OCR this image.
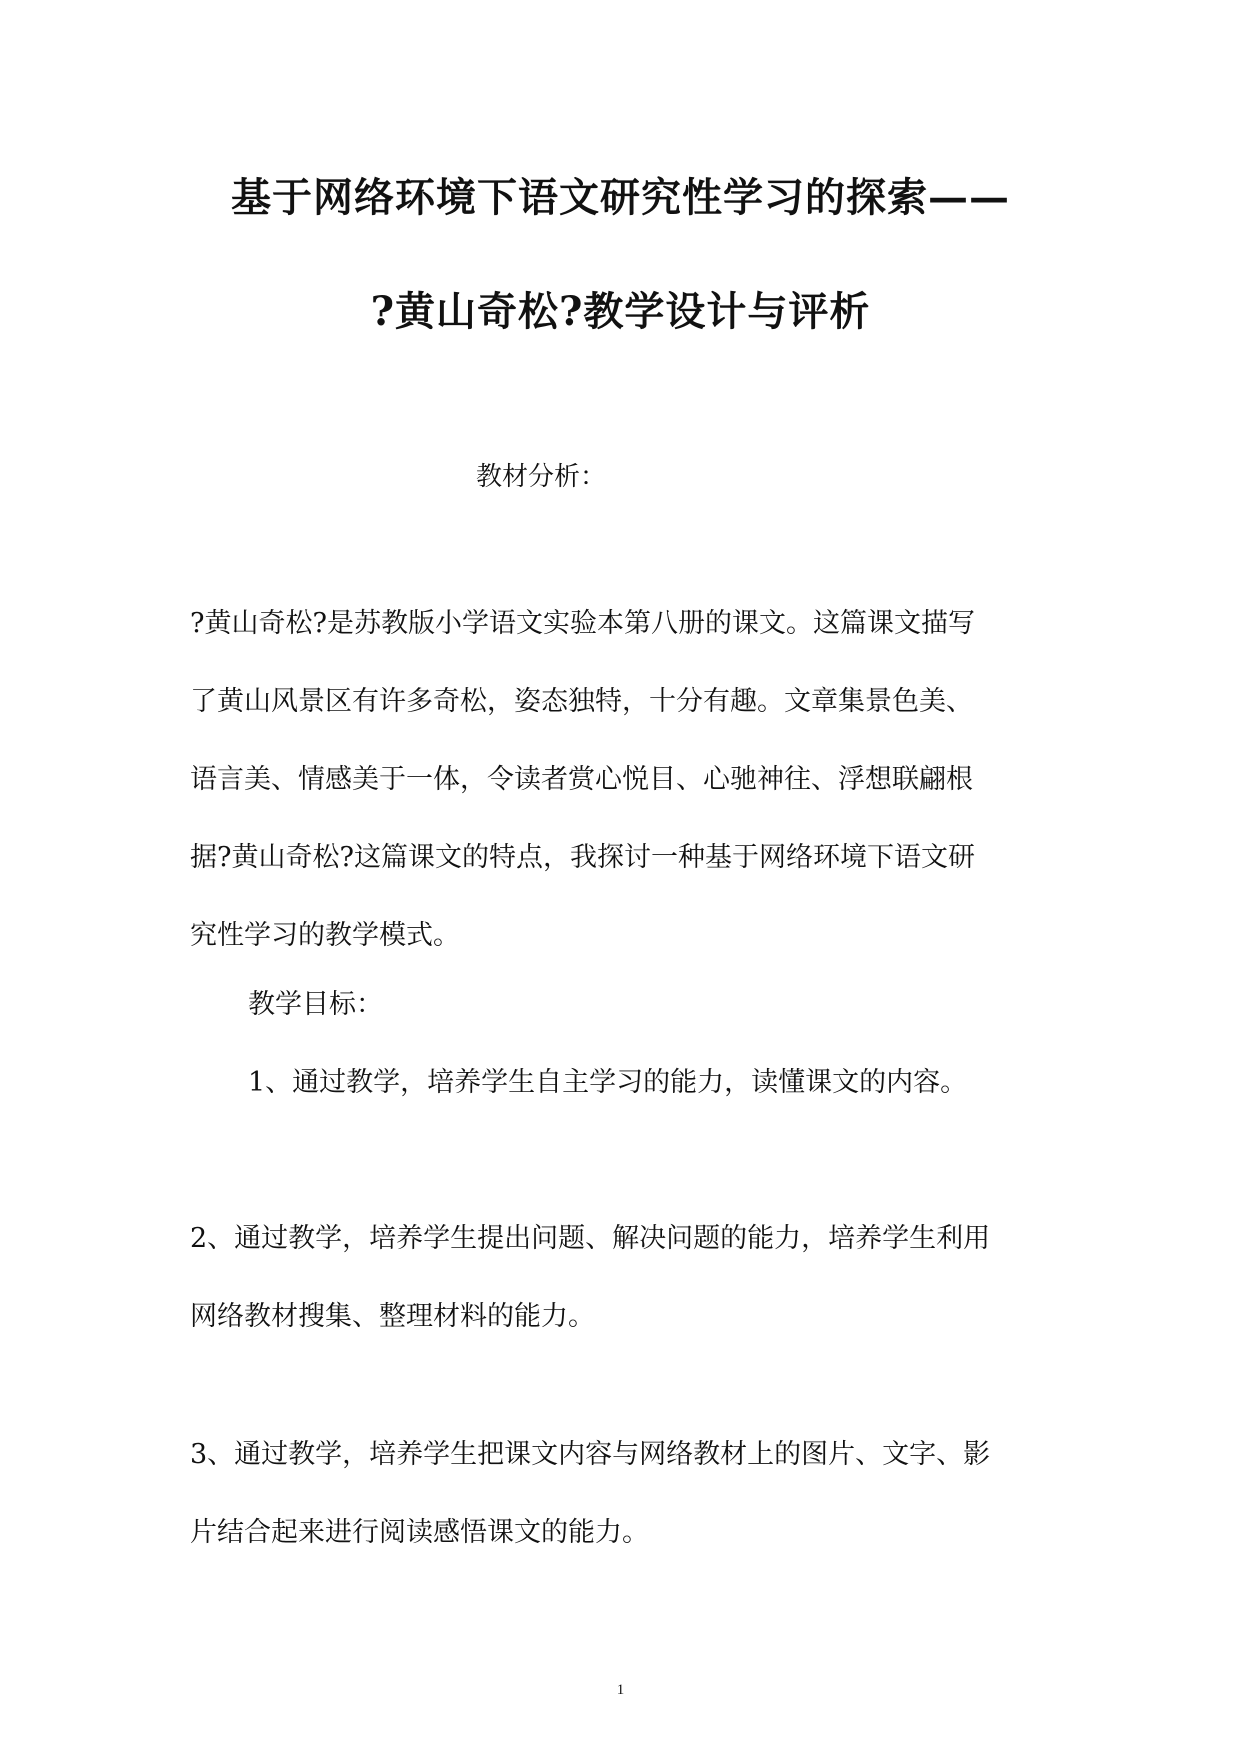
基于网络环境下语文研究性学习的探索——
?黄山奇松?教学设计与评析
教材分析：
?黄山奇松?是苏教版小学语文实验本第八册的课文。这篇课文描写
了黄山风景区有许多奇松，姿态独特，十分有趣。文章集景色美、
语言美、情感美于一体，令读者赏心悦目、心驰神往、浮想联翩根
据?黄山奇松?这篇课文的特点，我探讨一种基于网络环境下语文研
究性学习的教学模式。
教学目标：
1、通过教学，培养学生自主学习的能力，读懂课文的内容。
2、通过教学，培养学生提出问题、解决问题的能力，培养学生利用
网络教材搜集、整理材料的能力。
3、通过教学，培养学生把课文内容与网络教材上的图片、文字、影
片结合起来进行阅读感悟课文的能力。
1
